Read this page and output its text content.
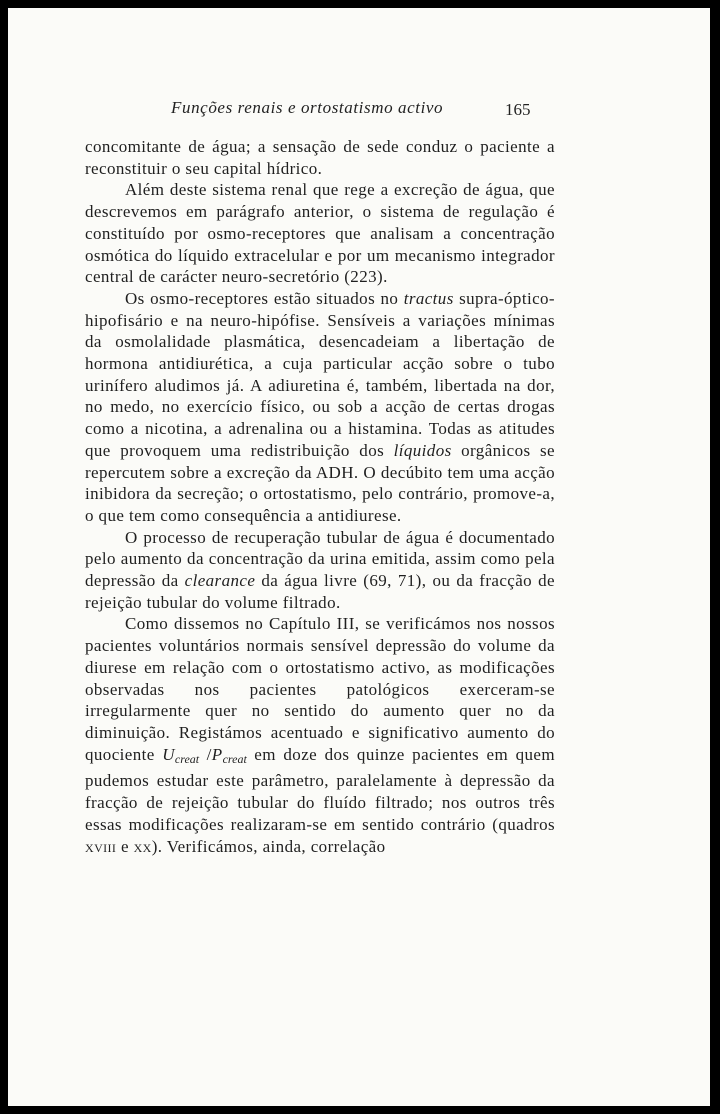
Funções renais e ortostatismo activo	165

concomitante de água; a sensação de sede conduz o paciente a reconstituir o seu capital hídrico.

Além deste sistema renal que rege a excreção de água, que descrevemos em parágrafo anterior, o sistema de regulação é constituído por osmo-receptores que analisam a concentração osmótica do líquido extracelular e por um mecanismo integrador central de carácter neuro-secretório (223).

Os osmo-receptores estão situados no tractus supra-óptico-hipofisário e na neuro-hipófise. Sensíveis a variações mínimas da osmolalidade plasmática, desencadeiam a libertação de hormona antidiurética, a cuja particular acção sobre o tubo urinífero aludimos já. A adiuretina é, também, libertada na dor, no medo, no exercício físico, ou sob a acção de certas drogas como a nicotina, a adrenalina ou a histamina. Todas as atitudes que provoquem uma redistribuição dos líquidos orgânicos se repercutem sobre a excreção da ADH. O decúbito tem uma acção inibidora da secreção; o ortostatismo, pelo contrário, promove-a, o que tem como consequência a antidiurese.

O processo de recuperação tubular de água é documentado pelo aumento da concentração da urina emitida, assim como pela depressão da clearance da água livre (69, 71), ou da fracção de rejeição tubular do volume filtrado.

Como dissemos no Capítulo III, se verificámos nos nossos pacientes voluntários normais sensível depressão do volume da diurese em relação com o ortostatismo activo, as modificações observadas nos pacientes patológicos exerceram-se irregularmente quer no sentido do aumento quer no da diminuição. Registámos acentuado e significativo aumento do quociente $U_{creat}$ $/P_{creat}$ em doze dos quinze pacientes em quem pudemos estudar este parâmetro, paralelamente à depressão da fracção de rejeição tubular do fluído filtrado; nos outros três essas modificações realizaram-se em sentido contrário (quadros xviii e xx). Verificámos, ainda, correlação
